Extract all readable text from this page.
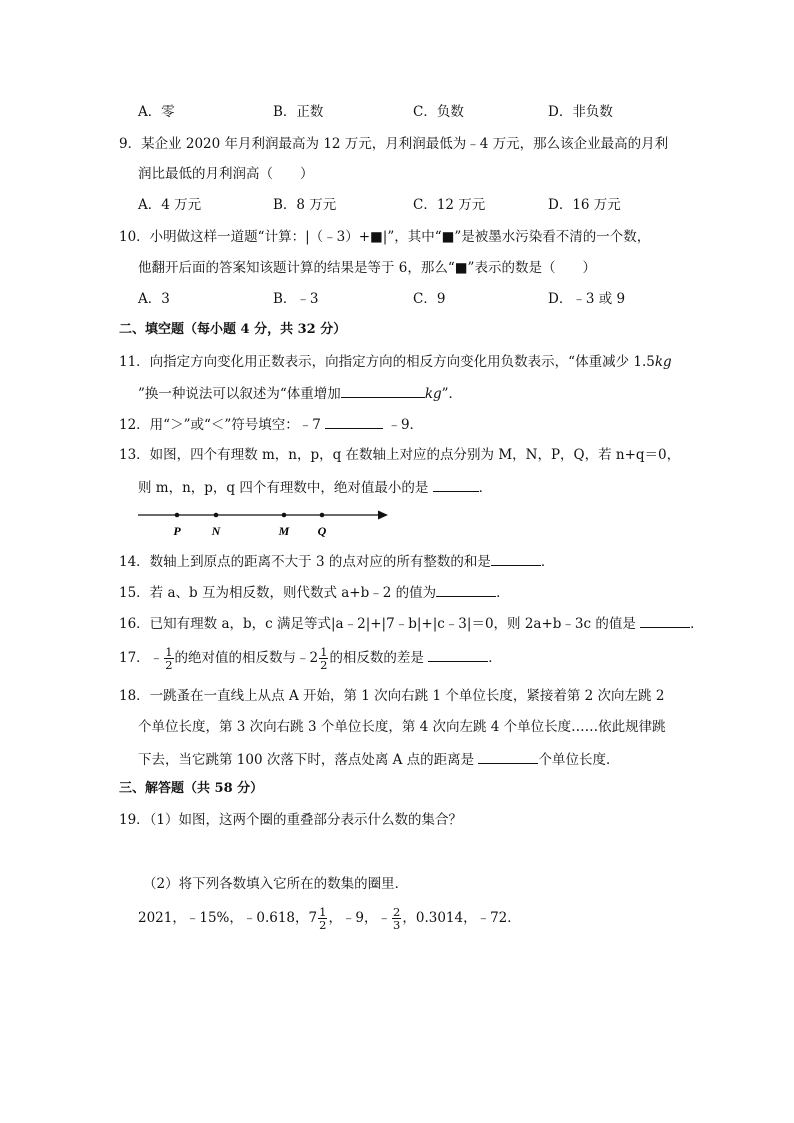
A．零	B．正数	C．负数	D．非负数
9．某企业 2020 年月利润最高为 12 万元，月利润最低为﹣4 万元，那么该企业最高的月利
润比最低的月利润高（　　）
A．4 万元	B．8 万元	C．12 万元	D．16 万元
10．小明做这样一道题“计算：|（﹣3）+■|”，其中“■”是被墨水污染看不清的一个数，
他翻开后面的答案知该题计算的结果是等于 6，那么“■”表示的数是（　　）
A．3	B．﹣3	C．9	D．﹣3 或 9
二、填空题（每小题 4 分，共 32 分）
11．向指定方向变化用正数表示，向指定方向的相反方向变化用负数表示，“体重减少 1.5kg
”换一种说法可以叙述为“体重增加	kg”．
12．用“＞”或“＜”符号填空：﹣7	﹣9．
13．如图，四个有理数 m，n，p，q 在数轴上对应的点分别为 M，N，P，Q，若 n+q＝0，
则 m，n，p，q 四个有理数中，绝对值最小的是	．
P	N	M Q
14．数轴上到原点的距离不大于 3 的点对应的所有整数的和是	．
15．若 a、b 互为相反数，则代数式 a+b﹣2 的值为	．
16．已知有理数 a，b，c 满足等式|a﹣2|+|7﹣b|+|c﹣3|＝0，则 2a+b﹣3c 的值是	．
17．﹣ $\frac{1}{2}$ 的绝对值的相反数与﹣2 $\frac{1}{2}$ 的相反数的差是	．
18．一跳蚤在一直线上从点 A 开始，第 1 次向右跳 1 个单位长度，紧接着第 2 次向左跳 2
个单位长度，第 3 次向右跳 3 个单位长度，第 4 次向左跳 4 个单位长度……依此规律跳
下去，当它跳第 100 次落下时，落点处离 A 点的距离是	个单位长度．
三、解答题（共 58 分）
19．（1）如图，这两个圈的重叠部分表示什么数的集合？
（2）将下列各数填入它所在的数集的圈里．
2021，﹣15%，﹣0.618，$7 \frac{1}{2}$ ，﹣9，﹣ $\frac{2}{3}$ ，0.3014，﹣72．
